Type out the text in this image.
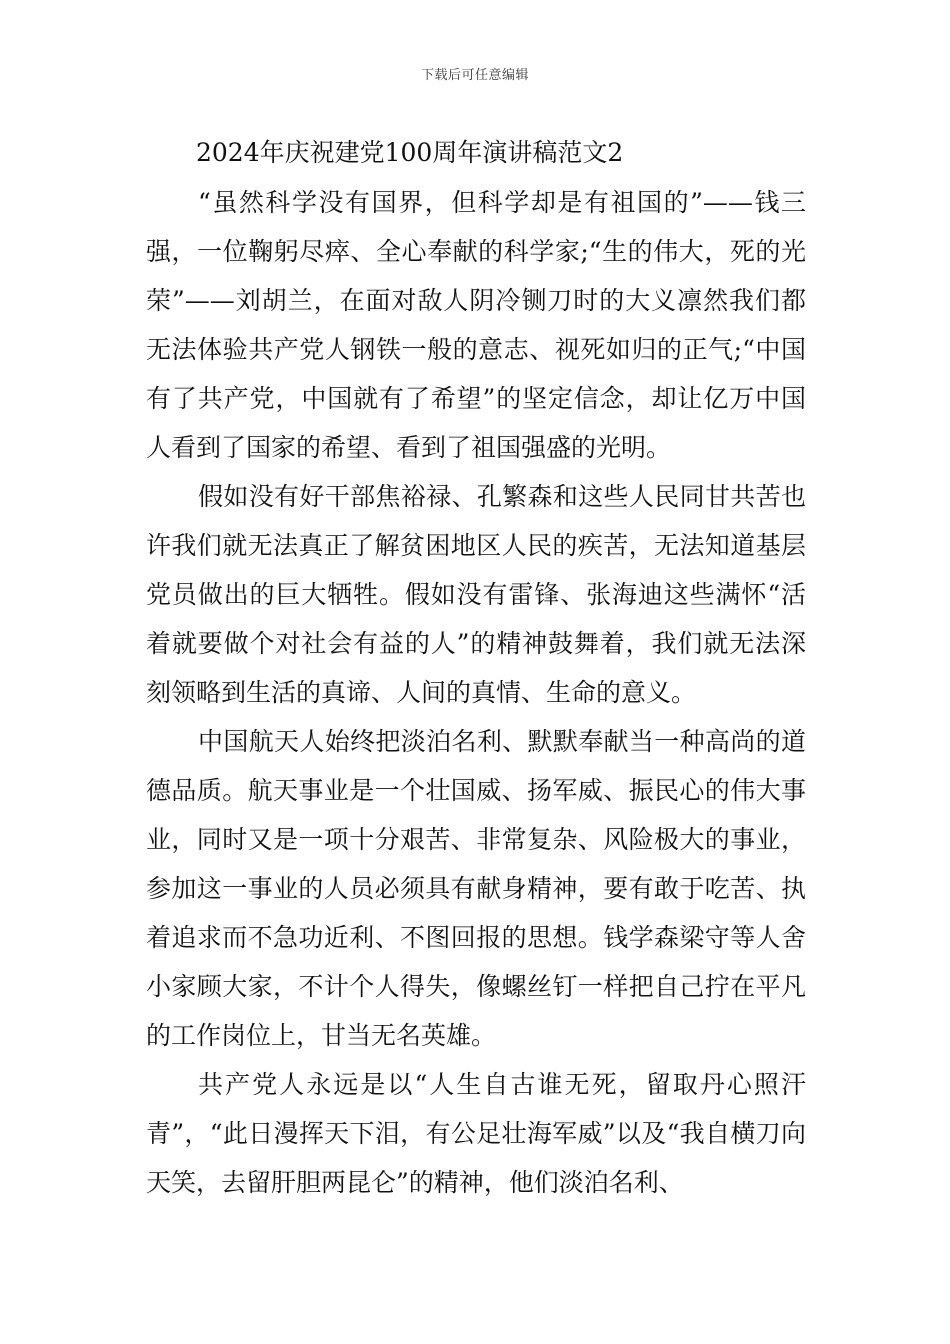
下载后可任意编辑
2024年庆祝建党100周年演讲稿范文2

“虽然科学没有国界，但科学却是有祖国的”——钱三强，一位鞠躬尽瘁、全心奉献的科学家;“生的伟大，死的光荣”——刘胡兰，在面对敌人阴冷铡刀时的大义凛然我们都无法体验共产党人钢铁一般的意志、视死如归的正气;“中国有了共产党，中国就有了希望”的坚定信念，却让亿万中国人看到了国家的希望、看到了祖国强盛的光明。

假如没有好干部焦裕禄、孔繁森和这些人民同甘共苦也许我们就无法真正了解贫困地区人民的疾苦，无法知道基层党员做出的巨大牺牲。假如没有雷锋、张海迪这些满怀“活着就要做个对社会有益的人”的精神鼓舞着，我们就无法深刻领略到生活的真谛、人间的真情、生命的意义。

中国航天人始终把淡泊名利、默默奉献当一种高尚的道德品质。航天事业是一个壮国威、扬军威、振民心的伟大事业，同时又是一项十分艰苦、非常复杂、风险极大的事业，参加这一事业的人员必须具有献身精神，要有敢于吃苦、执着追求而不急功近利、不图回报的思想。钱学森梁守等人舍小家顾大家，不计个人得失，像螺丝钉一样把自己拧在平凡的工作岗位上，甘当无名英雄。

共产党人永远是以“人生自古谁无死，留取丹心照汗青”，“此日漫挥天下泪，有公足壮海军威”以及“我自横刀向天笑，去留肝胆两昆仑”的精神，他们淡泊名利、
